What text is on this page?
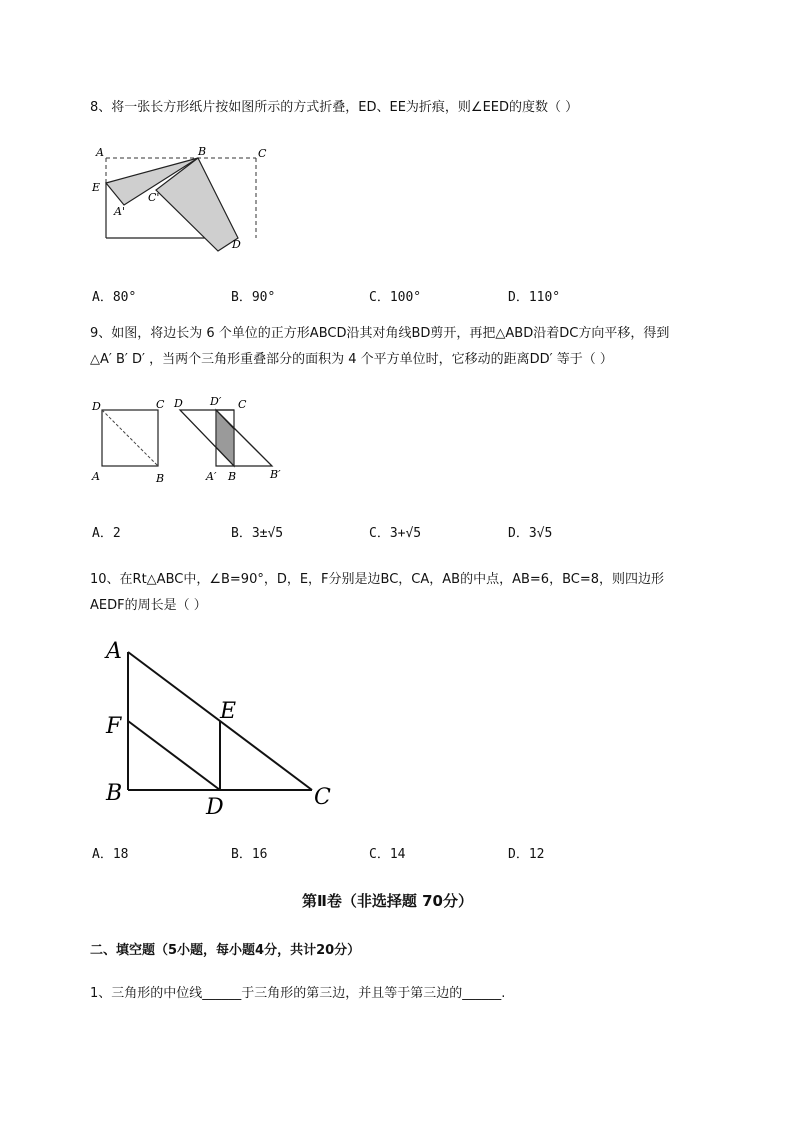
8、将一张长方形纸片按如图所示的方式折叠，ED、EE为折痕，则∠EED的度数（ ）
A	B	C
E
A'
C'
D
A．80°	B．90°	C．100°	D．110°
9、如图，将边长为 6 个单位的正方形ABCD沿其对角线BD剪开，再把△ABD沿着DC方向平移，得到
△A′ B′ D′ ，当两个三角形重叠部分的面积为 4 个平方单位时，它移动的距离DD′ 等于（ ）
D	C
A	B
D D′ C
A′ B	B′
A．2	B．3±√5	C．3+√5	D．3√5
10、在Rt△ABC中，∠B=90°，D，E，F分别是边BC，CA，AB的中点，AB=6，BC=8，则四边形
AEDF的周长是（ ）
A
F
B
E
D	C
A．18	B．16	C．14	D．12
第Ⅱ卷（非选择题 70分）
二、填空题（5小题，每小题4分，共计20分）
1、三角形的中位线______于三角形的第三边，并且等于第三边的______.
